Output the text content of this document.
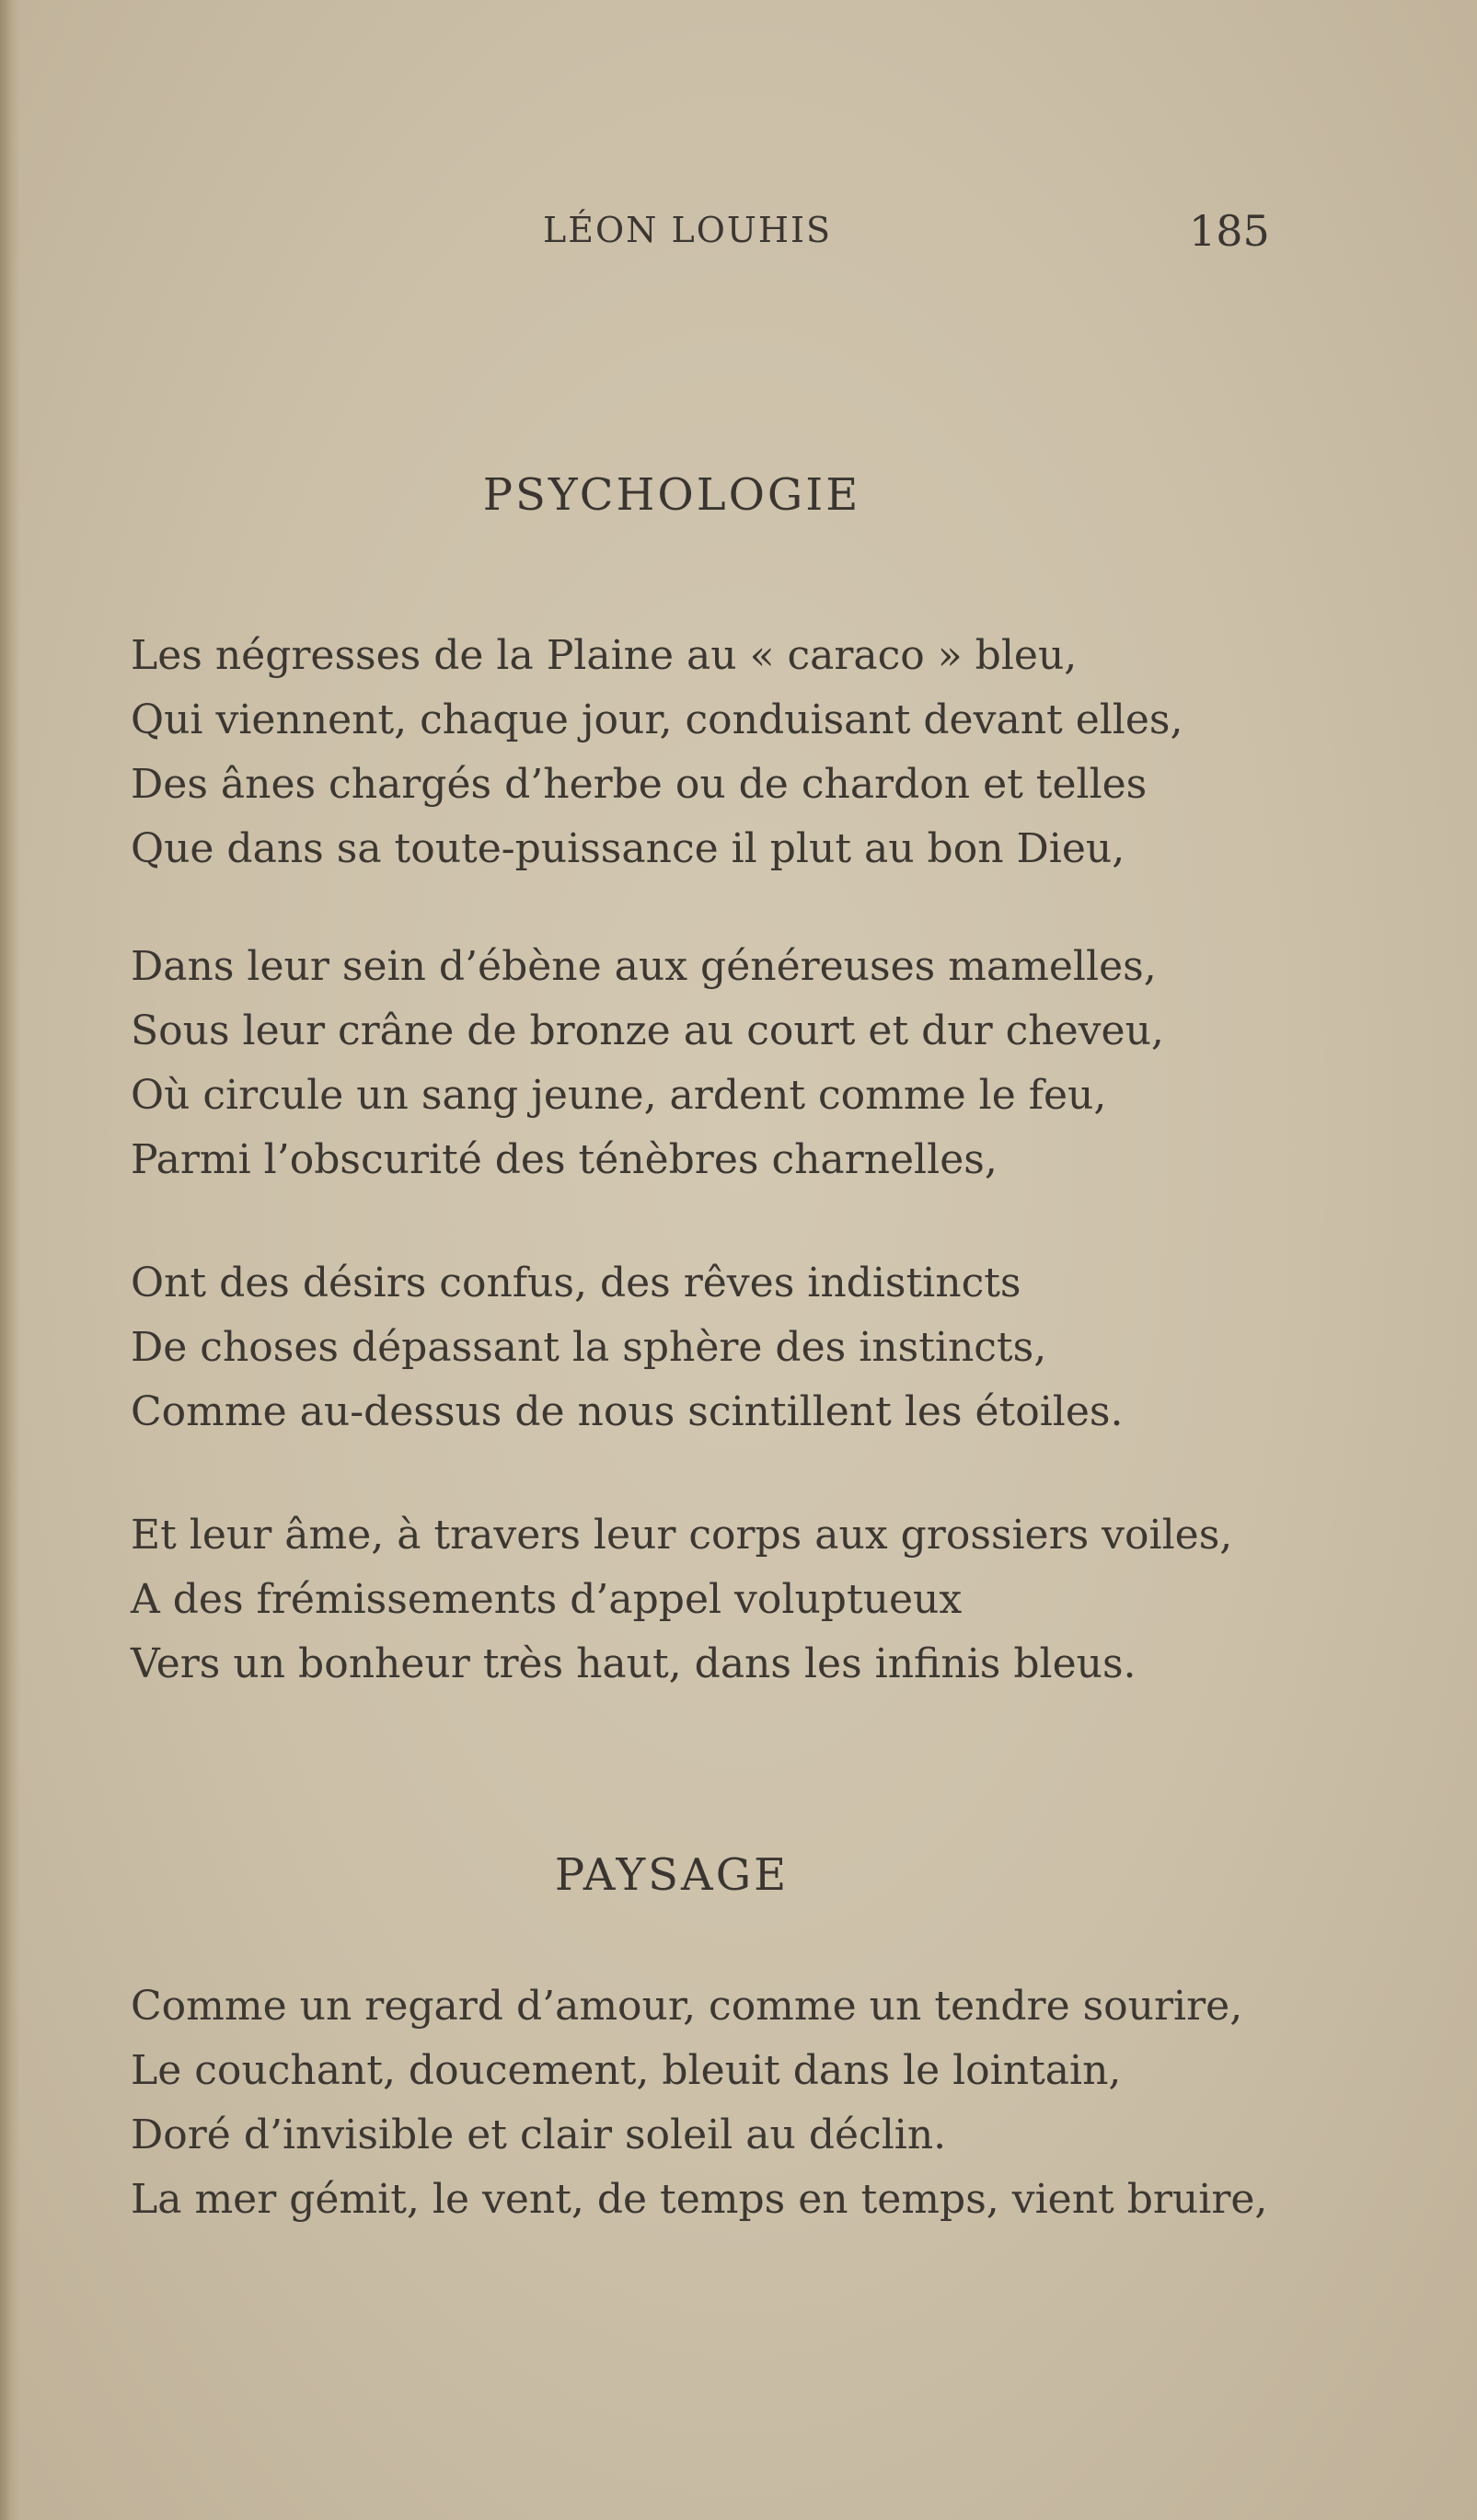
LÉON LOUHIS	185
PSYCHOLOGIE
Les négresses de la Plaine au « caraco » bleu,
Qui viennent, chaque jour, conduisant devant elles,
Des ânes chargés d’herbe ou de chardon et telles
Que dans sa toute-puissance il plut au bon Dieu,
Dans leur sein d’ébène aux généreuses mamelles,
Sous leur crâne de bronze au court et dur cheveu,
Où circule un sang jeune, ardent comme le feu,
Parmi l’obscurité des ténèbres charnelles,
Ont des désirs confus, des rêves indistincts
De choses dépassant la sphère des instincts,
Comme au-dessus de nous scintillent les étoiles.
Et leur âme, à travers leur corps aux grossiers voiles,
A des frémissements d’appel voluptueux
Vers un bonheur très haut, dans les infinis bleus.
PAYSAGE
Comme un regard d’amour, comme un tendre sourire,
Le couchant, doucement, bleuit dans le lointain,
Doré d’invisible et clair soleil au déclin.
La mer gémit, le vent, de temps en temps, vient bruire,
